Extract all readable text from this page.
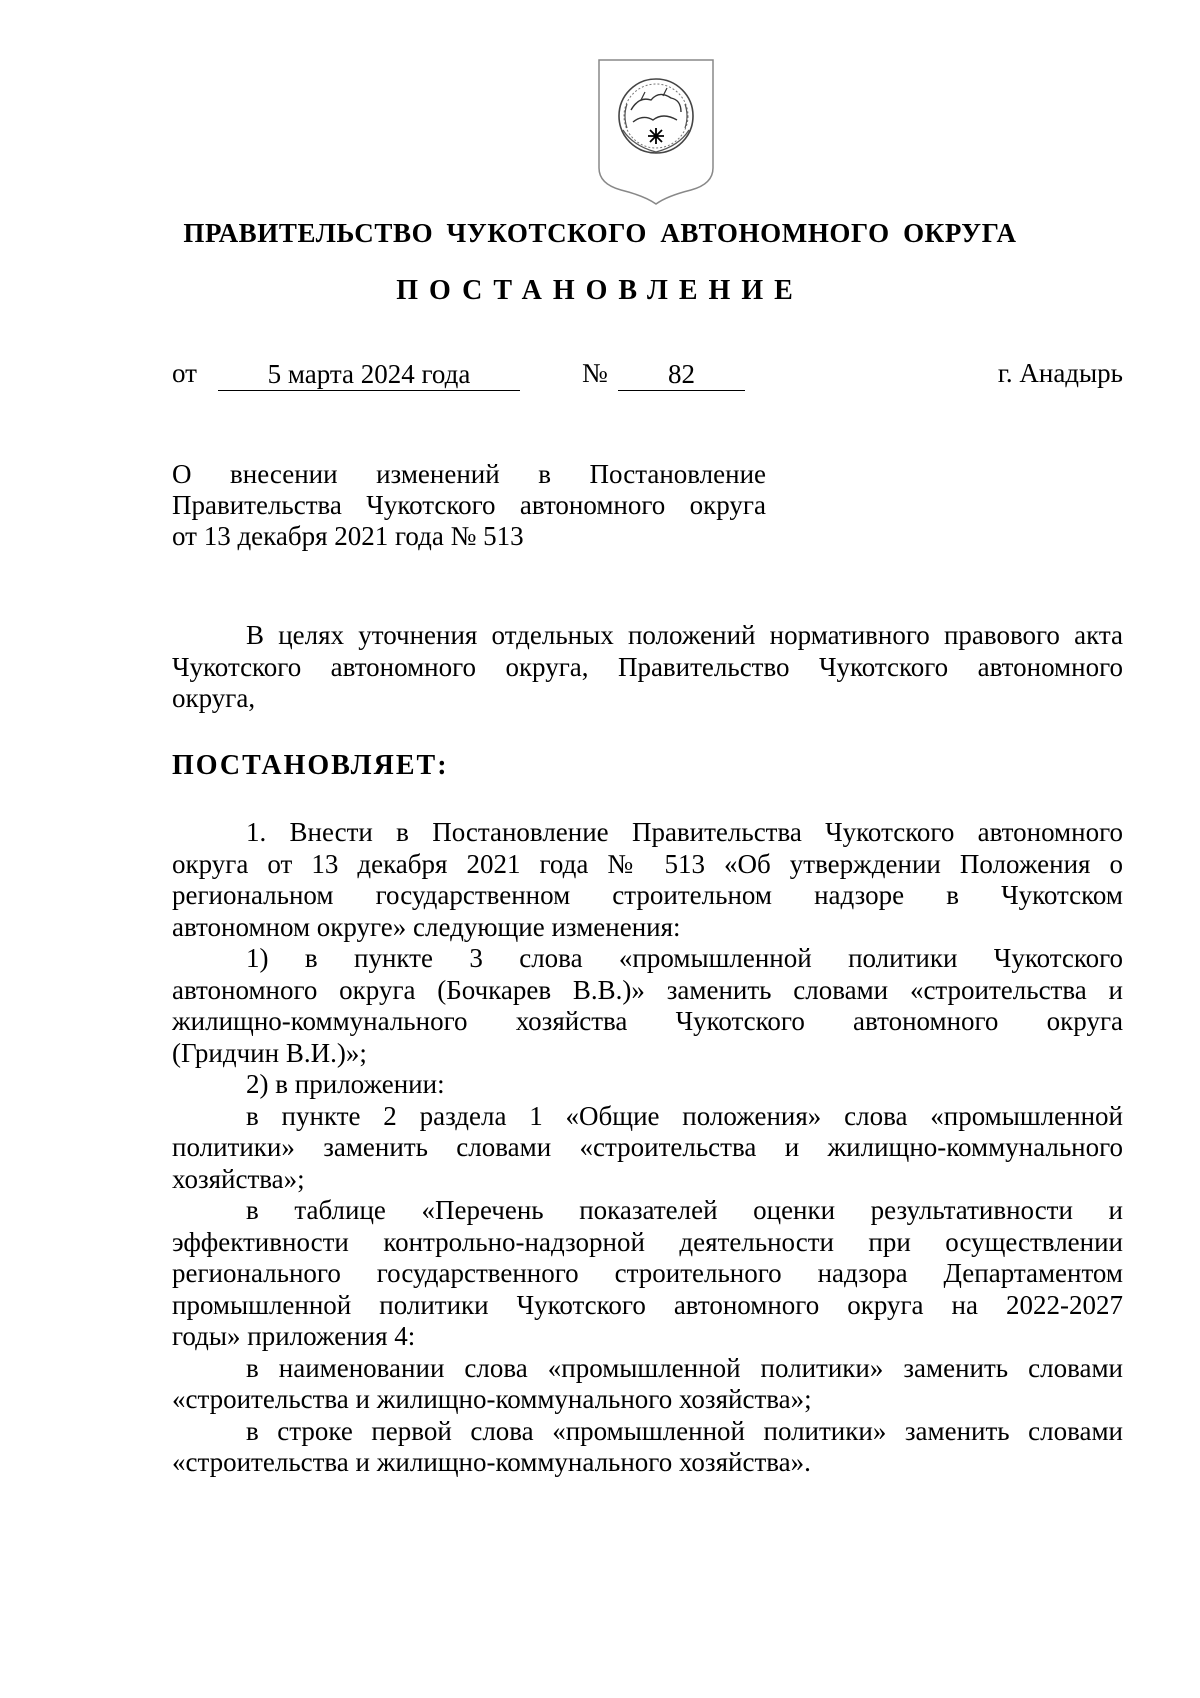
ПРАВИТЕЛЬСТВО ЧУКОТСКОГО АВТОНОМНОГО ОКРУГА
ПОСТАНОВЛЕНИЕ
от	5 марта 2024 года	№	82	г. Анадырь
О внесении изменений в Постановление
Правительства Чукотского автономного округа
от 13 декабря 2021 года № 513
В целях уточнения отдельных положений нормативного правового акта
Чукотского автономного округа, Правительство Чукотского автономного
округа,
ПОСТАНОВЛЯЕТ:
1. Внести в Постановление Правительства Чукотского автономного
округа от 13 декабря 2021 года № 513 «Об утверждении Положения о
региональном государственном строительном надзоре в Чукотском
автономном округе» следующие изменения:
1) в пункте 3 слова «промышленной политики Чукотского
автономного округа (Бочкарев В.В.)» заменить словами «строительства и
жилищно-коммунального хозяйства Чукотского автономного округа
(Гридчин В.И.)»;
2) в приложении:
в пункте 2 раздела 1 «Общие положения» слова «промышленной
политики» заменить словами «строительства и жилищно-коммунального
хозяйства»;
в таблице «Перечень показателей оценки результативности и
эффективности контрольно-надзорной деятельности при осуществлении
регионального государственного строительного надзора Департаментом
промышленной политики Чукотского автономного округа на 2022-2027
годы» приложения 4:
в наименовании слова «промышленной политики» заменить словами
«строительства и жилищно-коммунального хозяйства»;
в строке первой слова «промышленной политики» заменить словами
«строительства и жилищно-коммунального хозяйства».
